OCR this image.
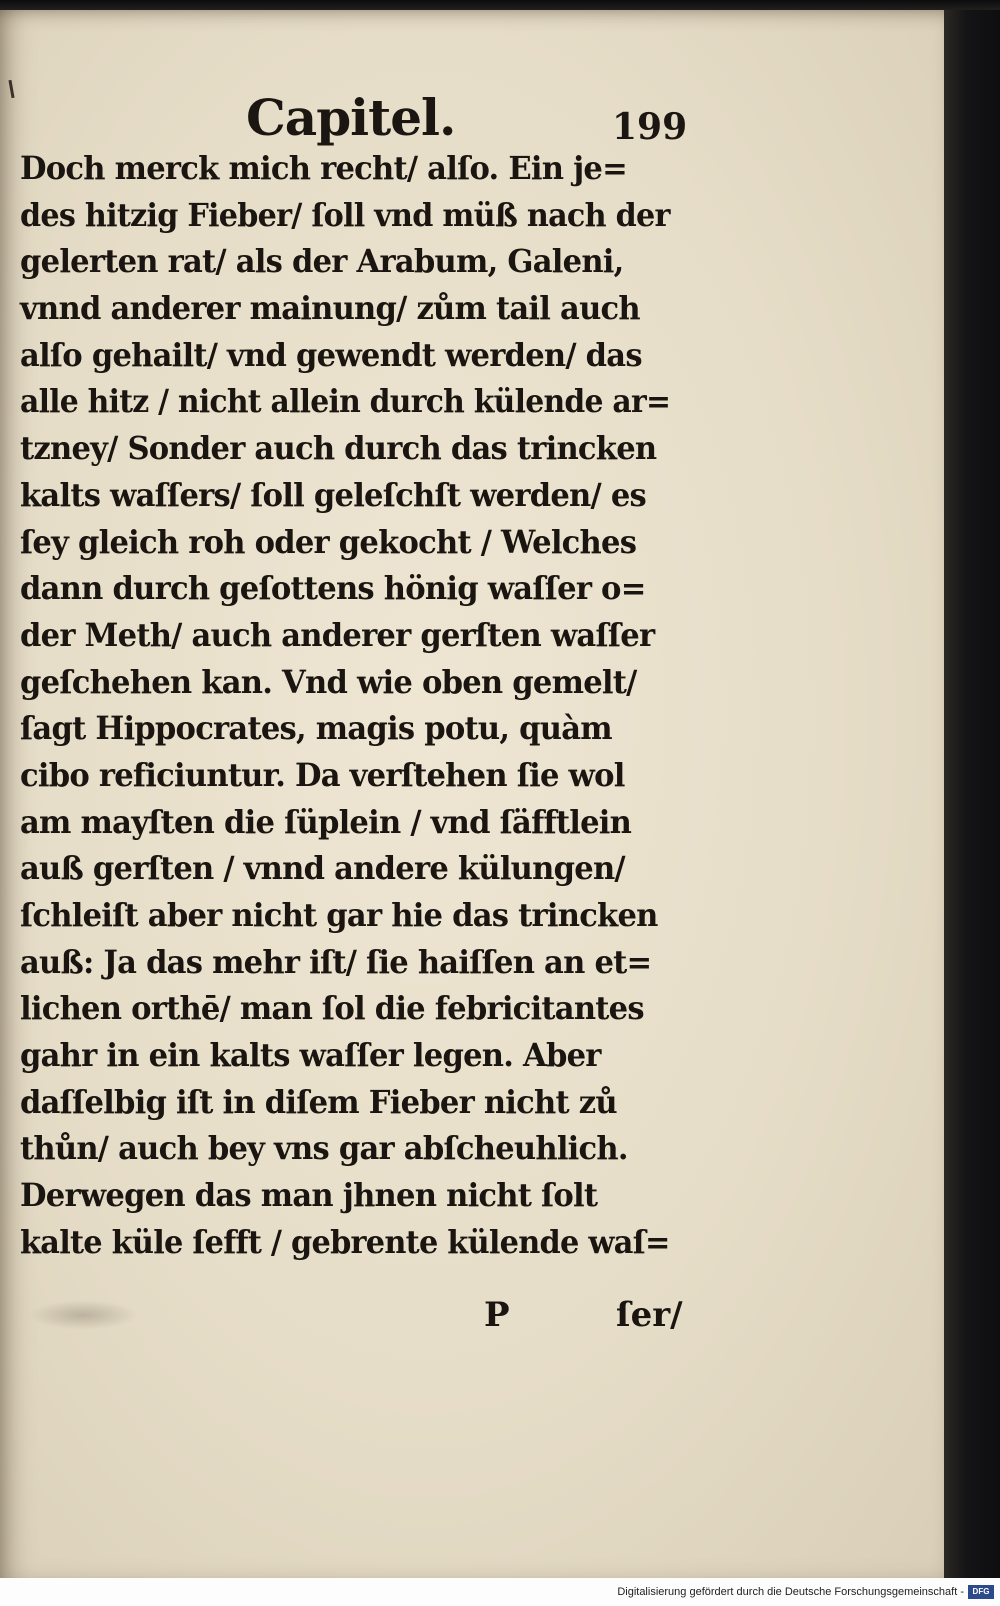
Capitel.	199
Doch merck mich recht/ alſo. Ein je=
des hitzig Fieber/ ſoll vnd müß nach der
gelerten rat/ als der Arabum, Galeni,
vnnd anderer mainung/ zům tail auch
alſo gehailt/ vnd gewendt werden/ das
alle hitz / nicht allein durch külende ar=
tzney/ Sonder auch durch das trincken
kalts waſſers/ ſoll geleſchſt werden/ es
ſey gleich roh oder gekocht / Welches
dann durch geſottens hönig waſſer o=
der Meth/ auch anderer gerſten waſſer
geſchehen kan. Vnd wie oben gemelt/
ſagt Hippocrates, magis potu, quàm
cibo reficiuntur. Da verſtehen ſie wol
am mayſten die ſüplein / vnd ſäfftlein
auß gerſten / vnnd andere külungen/
ſchleiſt aber nicht gar hie das trincken
auß: Ja das mehr iſt/ ſie haiſſen an et=
lichen orthē/ man ſol die febricitantes
gahr in ein kalts waſſer legen. Aber
daſſelbig iſt in diſem Fieber nicht zů
thůn/ auch bey vns gar abſcheuhlich.
Derwegen das man jhnen nicht ſolt
kalte küle ſefft / gebrente külende waſ=
P	ſer/
Digitalisierung gefördert durch die Deutsche Forschungsgemeinschaft -	DFG
